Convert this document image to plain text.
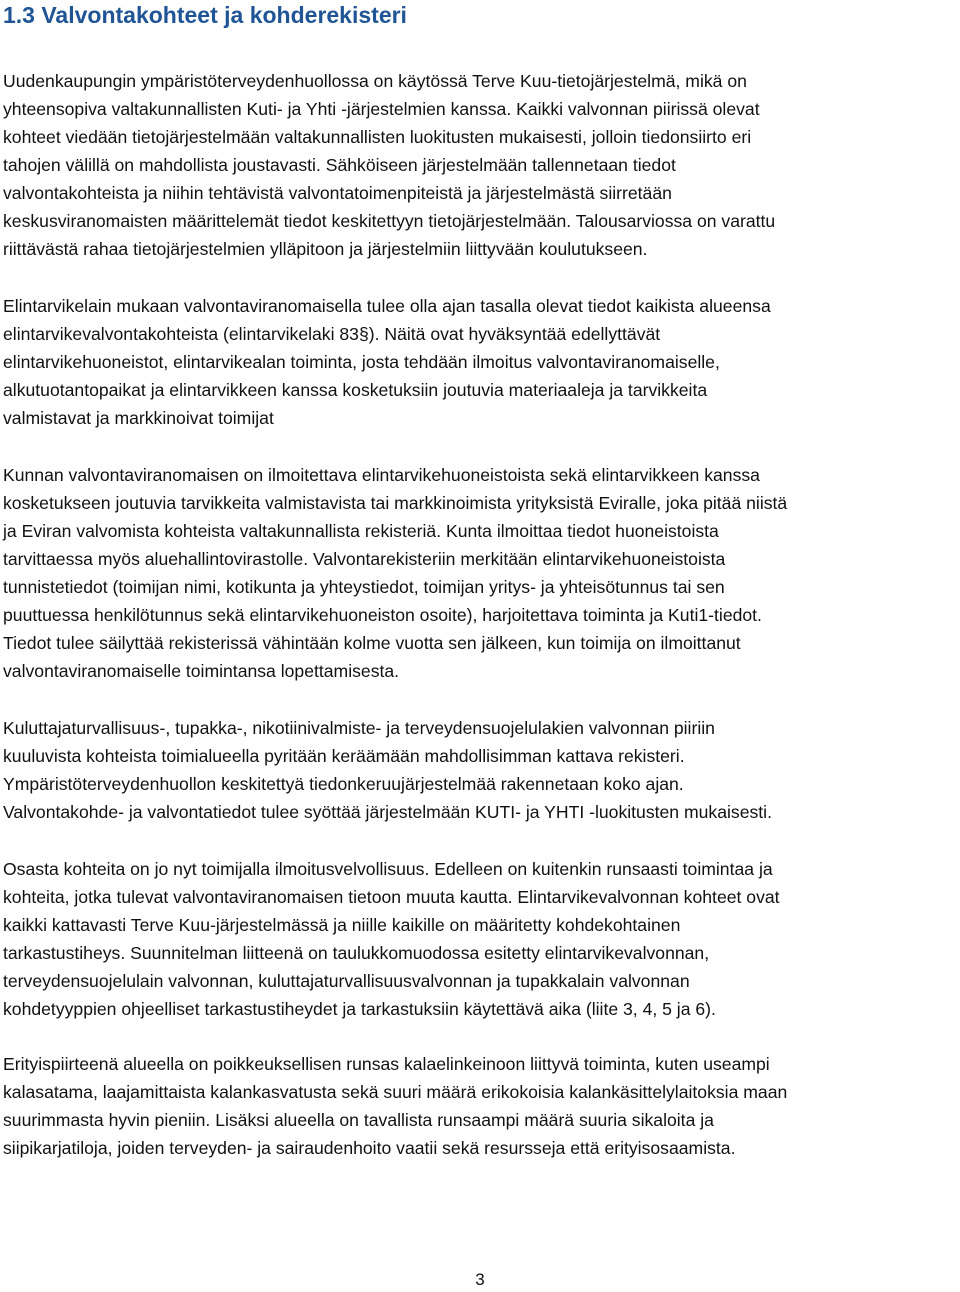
1.3 Valvontakohteet ja kohderekisteri

Uudenkaupungin ympäristöterveydenhuollossa on käytössä Terve Kuu-tietojärjestelmä, mikä on
yhteensopiva valtakunnallisten Kuti- ja Yhti -järjestelmien kanssa. Kaikki valvonnan piirissä olevat
kohteet viedään tietojärjestelmään valtakunnallisten luokitusten mukaisesti, jolloin tiedonsiirto eri
tahojen välillä on mahdollista joustavasti. Sähköiseen järjestelmään tallennetaan tiedot
valvontakohteista ja niihin tehtävistä valvontatoimenpiteistä ja järjestelmästä siirretään
keskusviranomaisten määrittelemät tiedot keskitettyyn tietojärjestelmään. Talousarviossa on varattu
riittävästä rahaa tietojärjestelmien ylläpitoon ja järjestelmiin liittyvään koulutukseen.

Elintarvikelain mukaan valvontaviranomaisella tulee olla ajan tasalla olevat tiedot kaikista alueensa
elintarvikevalvontakohteista (elintarvikelaki 83§). Näitä ovat hyväksyntää edellyttävät
elintarvikehuoneistot, elintarvikealan toiminta, josta tehdään ilmoitus valvontaviranomaiselle,
alkutuotantopaikat ja elintarvikkeen kanssa kosketuksiin joutuvia materiaaleja ja tarvikkeita
valmistavat ja markkinoivat toimijat

Kunnan valvontaviranomaisen on ilmoitettava elintarvikehuoneistoista sekä elintarvikkeen kanssa
kosketukseen joutuvia tarvikkeita valmistavista tai markkinoimista yrityksistä Eviralle, joka pitää niistä
ja Eviran valvomista kohteista valtakunnallista rekisteriä. Kunta ilmoittaa tiedot huoneistoista
tarvittaessa myös aluehallintovirastolle. Valvontarekisteriin merkitään elintarvikehuoneistoista
tunnistetiedot (toimijan nimi, kotikunta ja yhteystiedot, toimijan yritys- ja yhteisötunnus tai sen
puuttuessa henkilötunnus sekä elintarvikehuoneiston osoite), harjoitettava toiminta ja Kuti1-tiedot.
Tiedot tulee säilyttää rekisterissä vähintään kolme vuotta sen jälkeen, kun toimija on ilmoittanut
valvontaviranomaiselle toimintansa lopettamisesta.

Kuluttajaturvallisuus-, tupakka-, nikotiinivalmiste- ja terveydensuojelulakien valvonnan piiriin
kuuluvista kohteista toimialueella pyritään keräämään mahdollisimman kattava rekisteri.
Ympäristöterveydenhuollon keskitettyä tiedonkeruujärjestelmää rakennetaan koko ajan.
Valvontakohde- ja valvontatiedot tulee syöttää järjestelmään KUTI- ja YHTI -luokitusten mukaisesti.

Osasta kohteita on jo nyt toimijalla ilmoitusvelvollisuus. Edelleen on kuitenkin runsaasti toimintaa ja
kohteita, jotka tulevat valvontaviranomaisen tietoon muuta kautta. Elintarvikevalvonnan kohteet ovat
kaikki kattavasti Terve Kuu-järjestelmässä ja niille kaikille on määritetty kohdekohtainen
tarkastustiheys. Suunnitelman liitteenä on taulukkomuodossa esitetty elintarvikevalvonnan,
terveydensuojelulain valvonnan, kuluttajaturvallisuusvalvonnan ja tupakkalain valvonnan
kohdetyyppien ohjeelliset tarkastustiheydet ja tarkastuksiin käytettävä aika (liite 3, 4, 5 ja 6).

Erityispiirteenä alueella on poikkeuksellisen runsas kalaelinkeinoon liittyvä toiminta, kuten useampi
kalasatama, laajamittaista kalankasvatusta sekä suuri määrä erikokoisia kalankäsittelylaitoksia maan
suurimmasta hyvin pieniin. Lisäksi alueella on tavallista runsaampi määrä suuria sikaloita ja
siipikarjatiloja, joiden terveyden- ja sairaudenhoito vaatii sekä resursseja että erityisosaamista.

3
